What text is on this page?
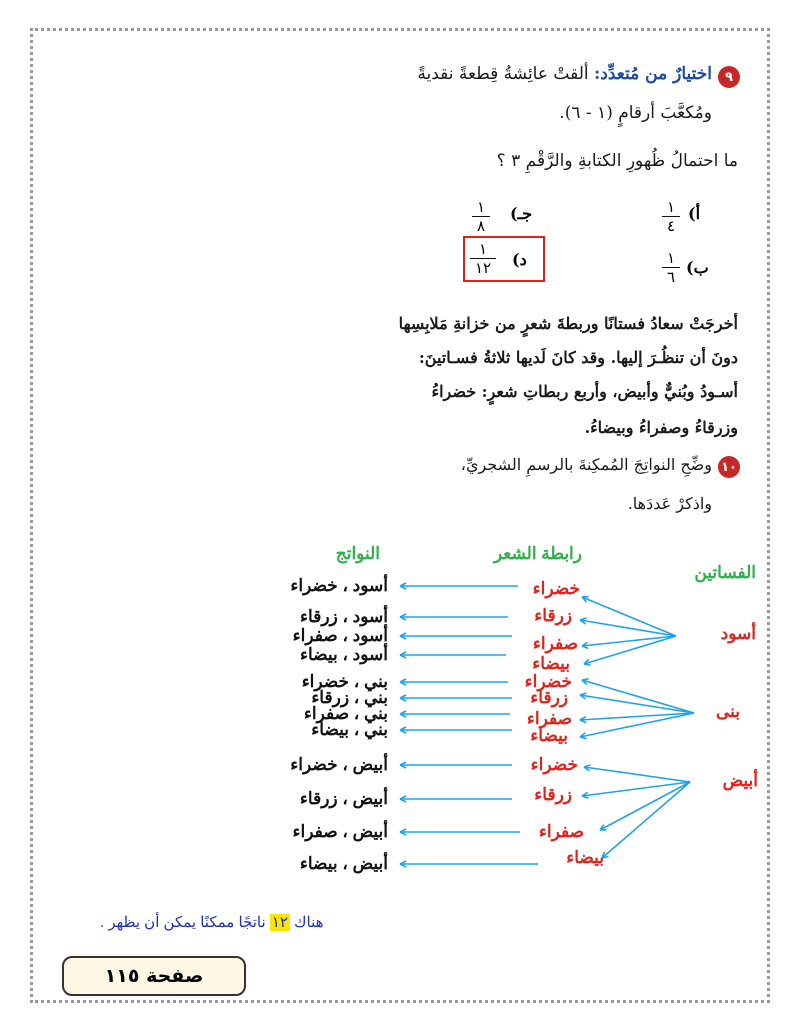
٩
اختيارٌ من مُتعدِّد: ألقتْ عائِشةُ قِطعةً نقديةً
ومُكعَّبَ أرقامٍ (١ - ٦).
ما احتمالُ ظُهورِ الكتابةِ والرَّقْمِ ٣ ؟
أ)
١
٤
ب)
١
٦
جـ)
١
٨
د)
١
١٢
أخرجَتْ سعادُ فستانًا وربطةَ شعرٍ من خزانةِ مَلابِسِها
دونَ أن تنظُـرَ إليها. وقد كانَ لَديها ثلاثةُ فسـاتينَ:
أسـودُ وبُنيٌّ وأبيض، وأربع ربطاتِ شعرٍ: خضراءُ
وزرقاءُ وصفراءُ وبيضاءُ.
١٠
وضِّحِ النواتِجَ المُمكِنةَ بالرسمِ الشجريِّ،
واذكرْ عَددَها.
الفساتين
رابطة الشعر
النواتج
أسود
بنى
أبيض
خضراء
زرقاء
صفراء
بيضاء
خضراء
زرقاء
صفراء
بيضاء
خضراء
زرقاء
صفراء
بيضاء
أسود ، خضراء
أسود ، زرقاء
أسود ، صفراء
أسود ، بيضاء
بني ، خضراء
بني ، زرقاء
بني ، صفراء
بني ، بيضاء
أبيض ، خضراء
أبيض ، زرقاء
أبيض ، صفراء
أبيض ، بيضاء
هناك ١٢ ناتجًا ممكنًا يمكن أن يظهر .
صفحة ١١٥
